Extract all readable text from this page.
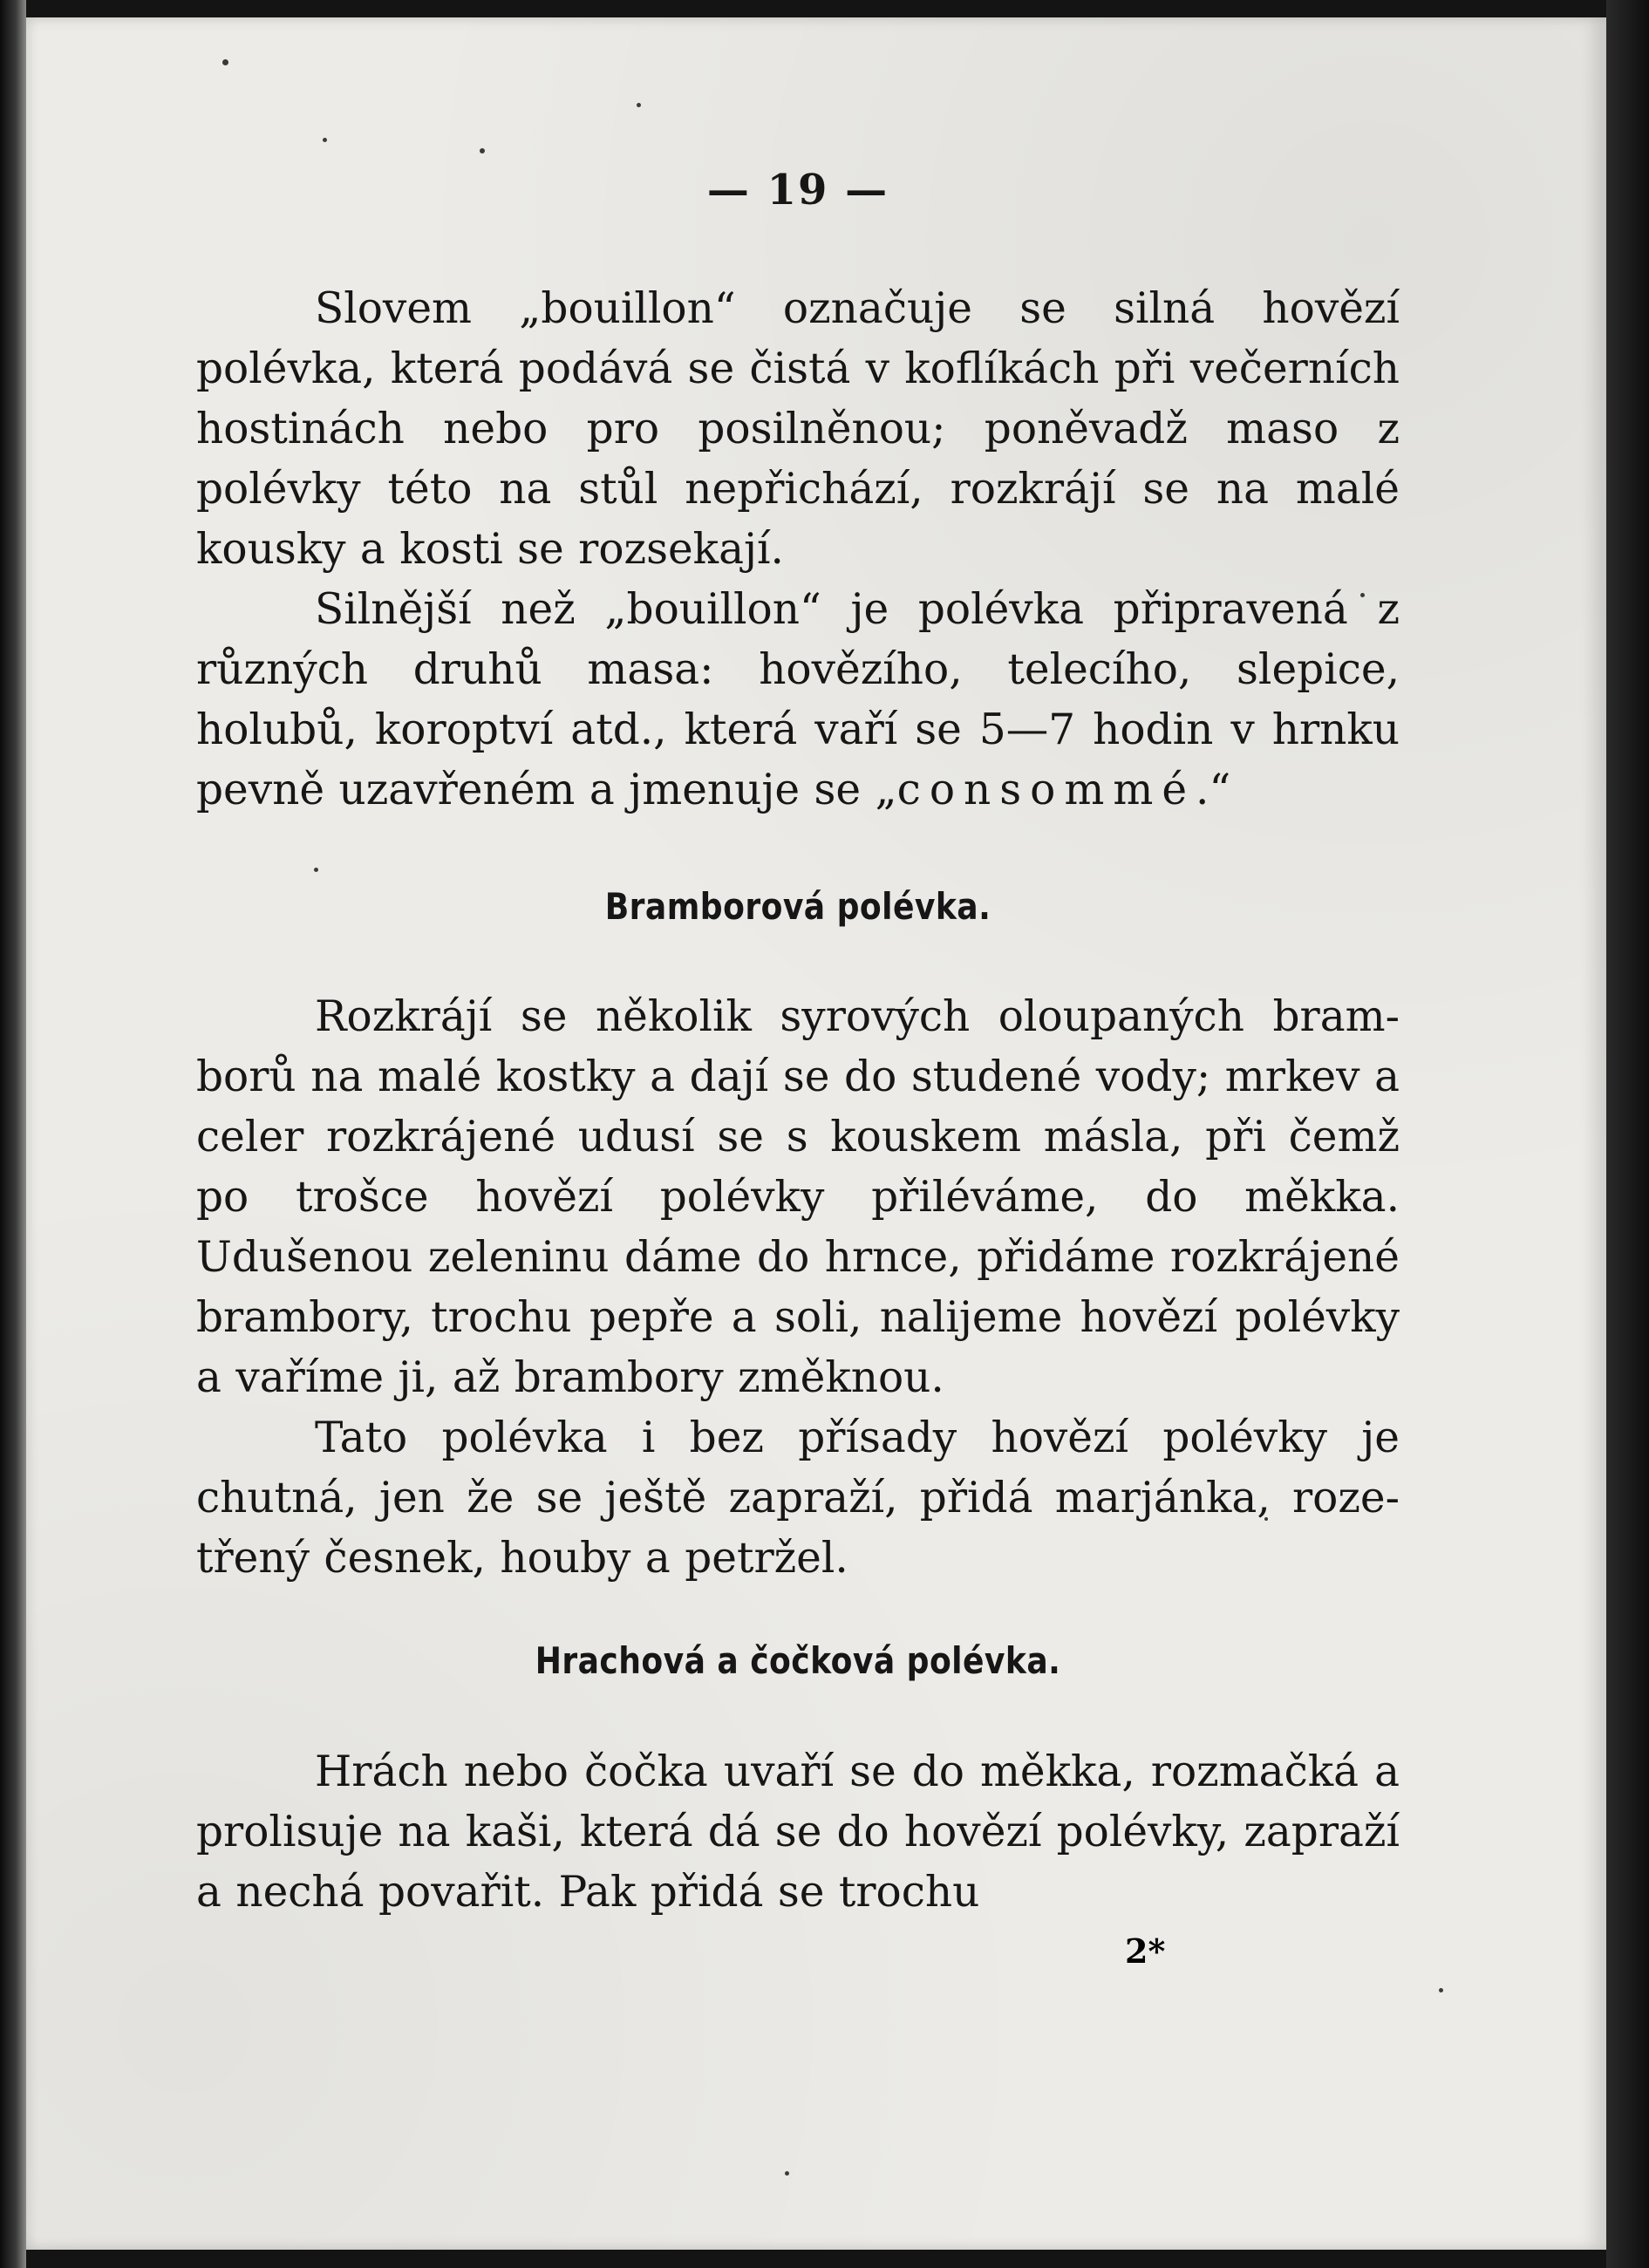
— 19 —

Slovem „bouillon“ označuje se silná hovězí polévka, která podává se čistá v koflíkách při večerních hostinách nebo pro posilněnou; poněvadž maso z polévky této na stůl nepřichází, rozkrájí se na malé kousky a kosti se rozsekají.

Silnější než „bouillon“ je polévka připravená z různých druhů masa: hovězího, telecího, slepice, holubů, koroptví atd., která vaří se 5—7 hodin v hrnku pevně uzavřeném a jmenuje se „consommé.“

Bramborová polévka.

Rozkrájí se několik syrových oloupaných bramborů na malé kostky a dají se do studené vody; mrkev a celer rozkrájené udusí se s kouskem másla, při čemž po trošce hovězí polévky přiléváme, do měkka. Udušenou zeleninu dáme do hrnce, přidáme rozkrájené brambory, trochu pepře a soli, nalijeme hovězí polévky a vaříme ji, až brambory změknou.

Tato polévka i bez přísady hovězí polévky je chutná, jen že se ještě zapraží, přidá marjánka, rozetřený česnek, houby a petržel.

Hrachová a čočková polévka.

Hrách nebo čočka uvaří se do měkka, rozmačká a prolisuje na kaši, která dá se do hovězí polévky, zapraží a nechá povařit. Pak přidá se trochu

2*
